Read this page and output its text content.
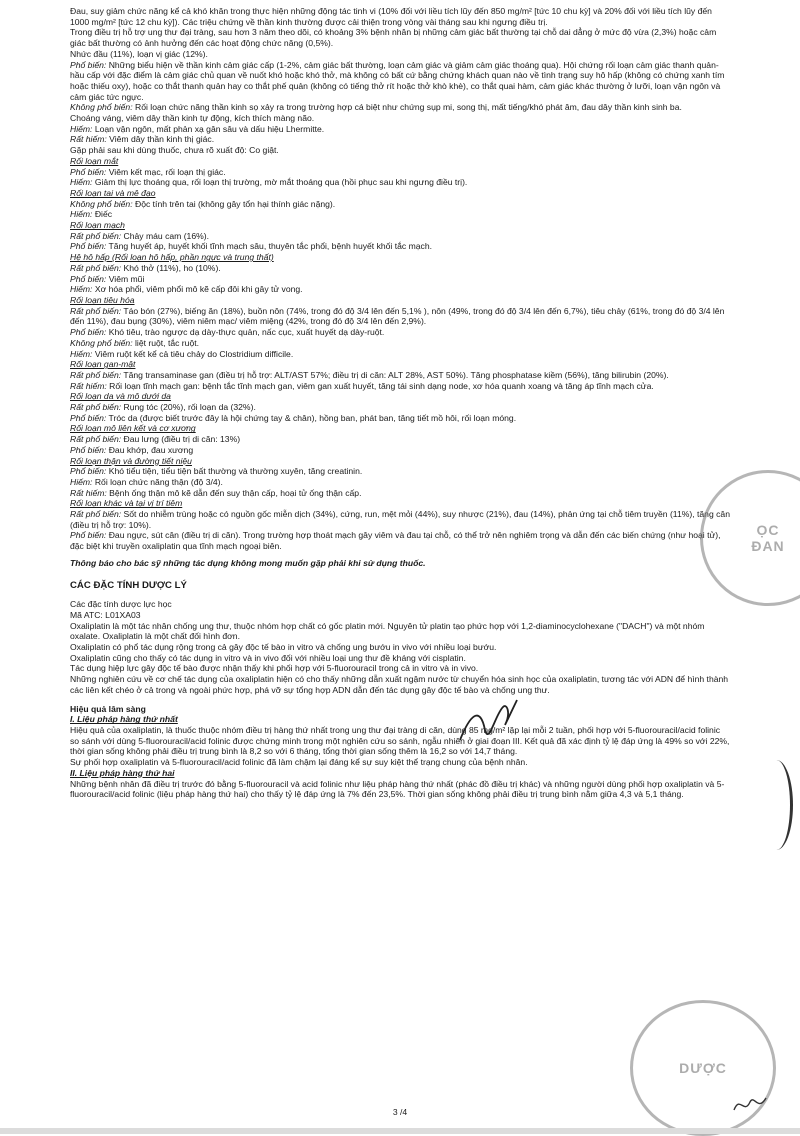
Đau, suy giảm chức năng kể cả khó khăn trong thực hiện những động tác tinh vi (10% đối với liều tích lũy đến 850 mg/m² [tức 10 chu kỳ] và 20% đối với liều tích lũy đến 1000 mg/m² [tức 12 chu kỳ]). Các triệu chứng về thần kinh thường được cải thiện trong vòng vài tháng sau khi ngưng điều trị.

Trong điều trị hỗ trợ ung thư đại tràng, sau hơn 3 năm theo dõi, có khoảng 3% bệnh nhân bị những cảm giác bất thường tại chỗ dai dẳng ở mức độ vừa (2,3%) hoặc cảm giác bất thường có ảnh hưởng đến các hoạt động chức năng (0,5%).

Nhức đầu (11%), loạn vị giác (12%).

Phổ biến: Những biểu hiện về thần kinh cảm giác cấp (1-2%, cảm giác bất thường, loạn cảm giác và giảm cảm giác thoáng qua). Hội chứng rối loạn cảm giác thanh quản-hầu cấp với đặc điểm là cảm giác chủ quan về nuốt khó hoặc khó thở, mà không có bất cứ bằng chứng khách quan nào về tình trạng suy hô hấp (không có chứng xanh tím hoặc thiếu oxy), hoặc co thắt thanh quản hay co thắt phế quản (không có tiếng thở rít hoặc thở khò khè), co thắt quai hàm, cảm giác khác thường ở lưỡi, loạn vận ngôn và cảm giác tức ngực.

Không phổ biến: Rối loạn chức năng thần kinh sọ xảy ra trong trường hợp cá biệt như chứng sụp mi, song thị, mất tiếng/khó phát âm, đau dây thần kinh sinh ba.

Choáng váng, viêm dây thần kinh tự động, kích thích màng não.

Hiếm: Loạn vận ngôn, mất phản xạ gân sâu và dấu hiệu Lhermitte.

Rất hiếm: Viêm dây thần kinh thị giác.

Gặp phải sau khi dùng thuốc, chưa rõ xuất độ: Co giật.

Rối loạn mắt

Phổ biến: Viêm kết mạc, rối loạn thị giác.

Hiếm: Giảm thị lực thoáng qua, rối loạn thị trường, mờ mắt thoáng qua (hồi phục sau khi ngưng điều trị).

Rối loạn tai và mê đạo

Không phổ biến: Độc tính trên tai (không gây tổn hại thính giác nặng).

Hiếm: Điếc

Rối loạn mạch

Rất phổ biến: Chảy máu cam (16%).

Phổ biến: Tăng huyết áp, huyết khối tĩnh mạch sâu, thuyên tắc phổi, bệnh huyết khối tắc mạch.

Hệ hô hấp (Rối loạn hô hấp, phần ngực và trung thất)

Rất phổ biến: Khó thở (11%), ho (10%).

Phổ biến: Viêm mũi

Hiếm: Xơ hóa phổi, viêm phổi mô kẽ cấp đôi khi gây tử vong.

Rối loạn tiêu hóa

Rất phổ biến: Táo bón (27%), biếng ăn (18%), buồn nôn (74%, trong đó độ 3/4 lên đến 5,1% ), nôn (49%, trong đó độ 3/4 lên đến 6,7%), tiêu chảy (61%, trong đó độ 3/4 lên đến 11%), đau bụng (30%), viêm niêm mạc/ viêm miệng (42%, trong đó độ 3/4 lên đến 2,9%).

Phổ biến: Khó tiêu, trào ngược dạ dày-thực quản, nấc cục, xuất huyết dạ dày-ruột.

Không phổ biến: liệt ruột, tắc ruột.

Hiếm: Viêm ruột kết kể cả tiêu chảy do Clostridium difficile.

Rối loạn gan-mật

Rất phổ biến: Tăng transaminase gan (điều trị hỗ trợ: ALT/AST 57%; điều trị di căn: ALT 28%, AST 50%). Tăng phosphatase kiềm (56%), tăng bilirubin (20%).

Rất hiếm: Rối loạn tĩnh mạch gan: bệnh tắc tĩnh mạch gan, viêm gan xuất huyết, tăng tái sinh dạng node, xơ hóa quanh xoang và tăng áp tĩnh mạch cửa.

Rối loạn da và mô dưới da

Rất phổ biến: Rụng tóc (20%), rối loạn da (32%).

Phổ biến: Tróc da (được biết trước đây là hội chứng tay & chân), hồng ban, phát ban, tăng tiết mồ hôi, rối loạn móng.

Rối loạn mô liên kết và cơ xương

Rất phổ biến: Đau lưng (điều trị di căn: 13%)

Phổ biến: Đau khớp, đau xương

Rối loạn thận và đường tiết niệu

Phổ biến: Khó tiểu tiện, tiểu tiện bất thường và thường xuyên, tăng creatinin.

Hiếm: Rối loạn chức năng thận (độ 3/4).

Rất hiếm: Bệnh ống thận mô kẽ dẫn đến suy thận cấp, hoại tử ống thận cấp.

Rối loạn khác và tại vị trí tiêm

Rất phổ biến: Sốt do nhiễm trùng hoặc có nguồn gốc miễn dịch (34%), cứng, run, mệt mỏi (44%), suy nhược (21%), đau (14%), phản ứng tại chỗ tiêm truyền (11%), tăng cân (điều trị hỗ trợ: 10%).

Phổ biến: Đau ngực, sút cân (điều trị di căn). Trong trường hợp thoát mạch gây viêm và đau tại chỗ, có thể trở nên nghiêm trọng và dẫn đến các biến chứng (như hoại tử), đặc biệt khi truyền oxaliplatin qua tĩnh mạch ngoại biên.

Thông báo cho bác sỹ những tác dụng không mong muốn gặp phải khi sử dụng thuốc.

CÁC ĐẶC TÍNH DƯỢC LÝ

Các đặc tính dược lực học

Mã ATC: L01XA03

Oxaliplatin là một tác nhân chống ung thư, thuộc nhóm hợp chất có gốc platin mới. Nguyên tử platin tạo phức hợp với 1,2-diaminocyclohexane ("DACH") và một nhóm oxalate. Oxaliplatin là một chất đối hình đơn.

Oxaliplatin có phổ tác dụng rộng trong cả gây độc tế bào in vitro và chống ung bướu in vivo với nhiều loại bướu.

Oxaliplatin cũng cho thấy có tác dụng in vitro và in vivo đối với nhiều loại ung thư đề kháng với cisplatin.

Tác dụng hiệp lực gây độc tế bào được nhận thấy khi phối hợp với 5-fluorouracil trong cả in vitro và in vivo.

Những nghiên cứu về cơ chế tác dụng của oxaliplatin hiện có cho thấy những dẫn xuất ngậm nước từ chuyển hóa sinh học của oxaliplatin, tương tác với ADN để hình thành các liên kết chéo ở cả trong và ngoài phức hợp, phá vỡ sự tổng hợp ADN dẫn đến tác dụng gây độc tế bào và chống ung thư.

Hiệu quả lâm sàng

I. Liệu pháp hàng thứ nhất

Hiệu quả của oxaliplatin, là thuốc thuộc nhóm điều trị hàng thứ nhất trong ung thư đại tràng di căn, dùng 85 mg/m² lặp lại mỗi 2 tuần, phối hợp với 5-fluorouracil/acid folinic so sánh với dùng 5-fluorouracil/acid folinic được chứng minh trong một nghiên cứu so sánh, ngẫu nhiên ở giai đoạn III. Kết quả đã xác định tỷ lệ đáp ứng là 49% so với 22%, thời gian sống không phải điều trị trung bình là 8,2 so với 6 tháng, tổng thời gian sống thêm là 16,2 so với 14,7 tháng.

Sự phối hợp oxaliplatin và 5-fluorouracil/acid folinic đã làm chậm lại đáng kể sự suy kiệt thể trạng chung của bệnh nhân.

II. Liệu pháp hàng thứ hai

Những bệnh nhân đã điều trị trước đó bằng 5-fluorouracil và acid folinic như liệu pháp hàng thứ nhất (phác đồ điều trị khác) và những người dùng phối hợp oxaliplatin và 5-fluorouracil/acid folinic (liệu pháp hàng thứ hai) cho thấy tỷ lệ đáp ứng là 7% đến 23,5%. Thời gian sống không phải điều trị trung bình nằm giữa 4,3 và 5,1 tháng.

ỌC
ĐAN
DƯỢC
3 /4
